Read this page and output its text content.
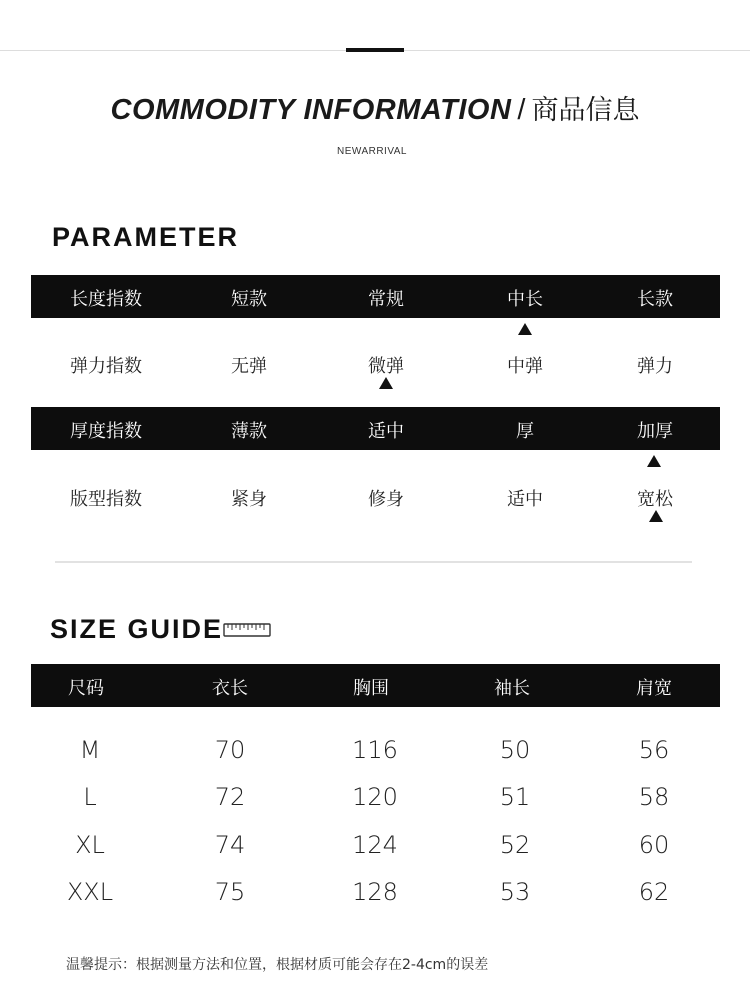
COMMODITY INFORMATION / 商品信息
NEWARRIVAL
PARAMETER
长度指数	短款	常规	中长	长款
弹力指数	无弹	微弹	中弹	弹力
厚度指数	薄款	适中	厚	加厚
版型指数	紧身	修身	适中	宽松
SIZE GUIDE
尺码	衣长	胸围	袖长	肩宽
M	70	116	50	56
L	72	120	51	58
XL	74	124	52	60
XXL	75	128	53	62
温馨提示：根据测量方法和位置，根据材质可能会存在2-4cm的误差
